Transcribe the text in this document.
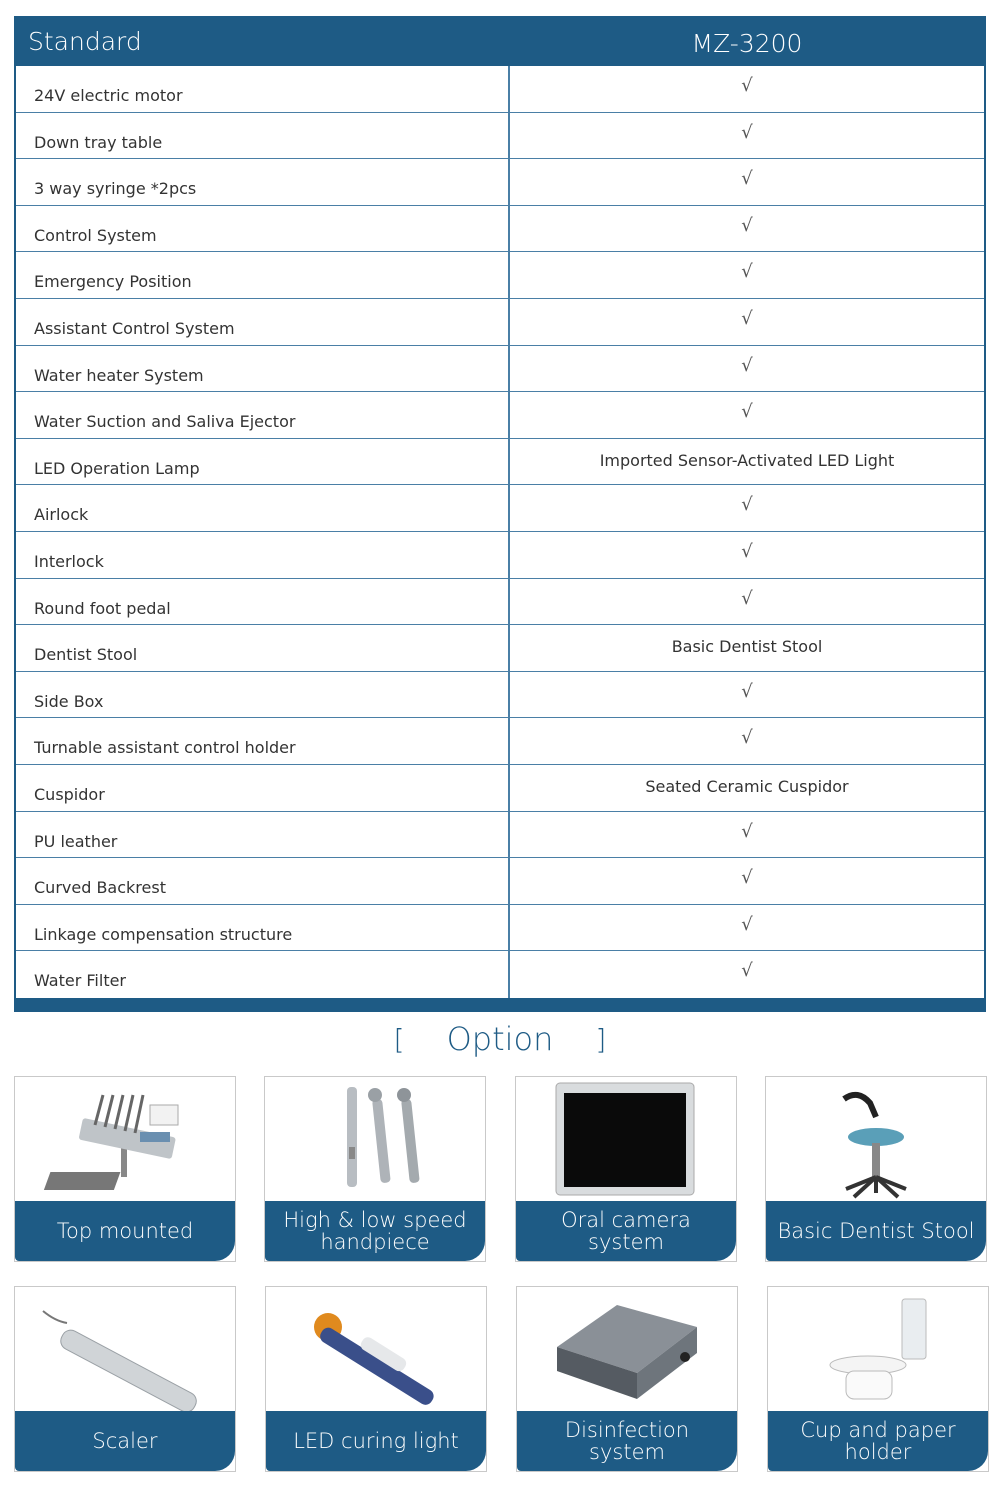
Standard	MZ-3200
24V electric motor	√
Down tray table	√
3 way syringe *2pcs	√
Control System	√
Emergency Position	√
Assistant Control System	√
Water heater System	√
Water Suction and Saliva Ejector	√
LED Operation Lamp	Imported Sensor-Activated LED Light
Airlock	√
Interlock	√
Round foot pedal	√
Dentist Stool	Basic Dentist Stool
Side Box	√
Turnable assistant control holder	√
Cuspidor	Seated Ceramic Cuspidor
PU leather	√
Curved Backrest	√
Linkage compensation structure	√
Water Filter	√
[ Option ]
Top mounted	High & low speed handpiece
Oral camera system	Basic Dentist Stool
Scaler	LED curing light	Disinfection system
Cup and paper holder
